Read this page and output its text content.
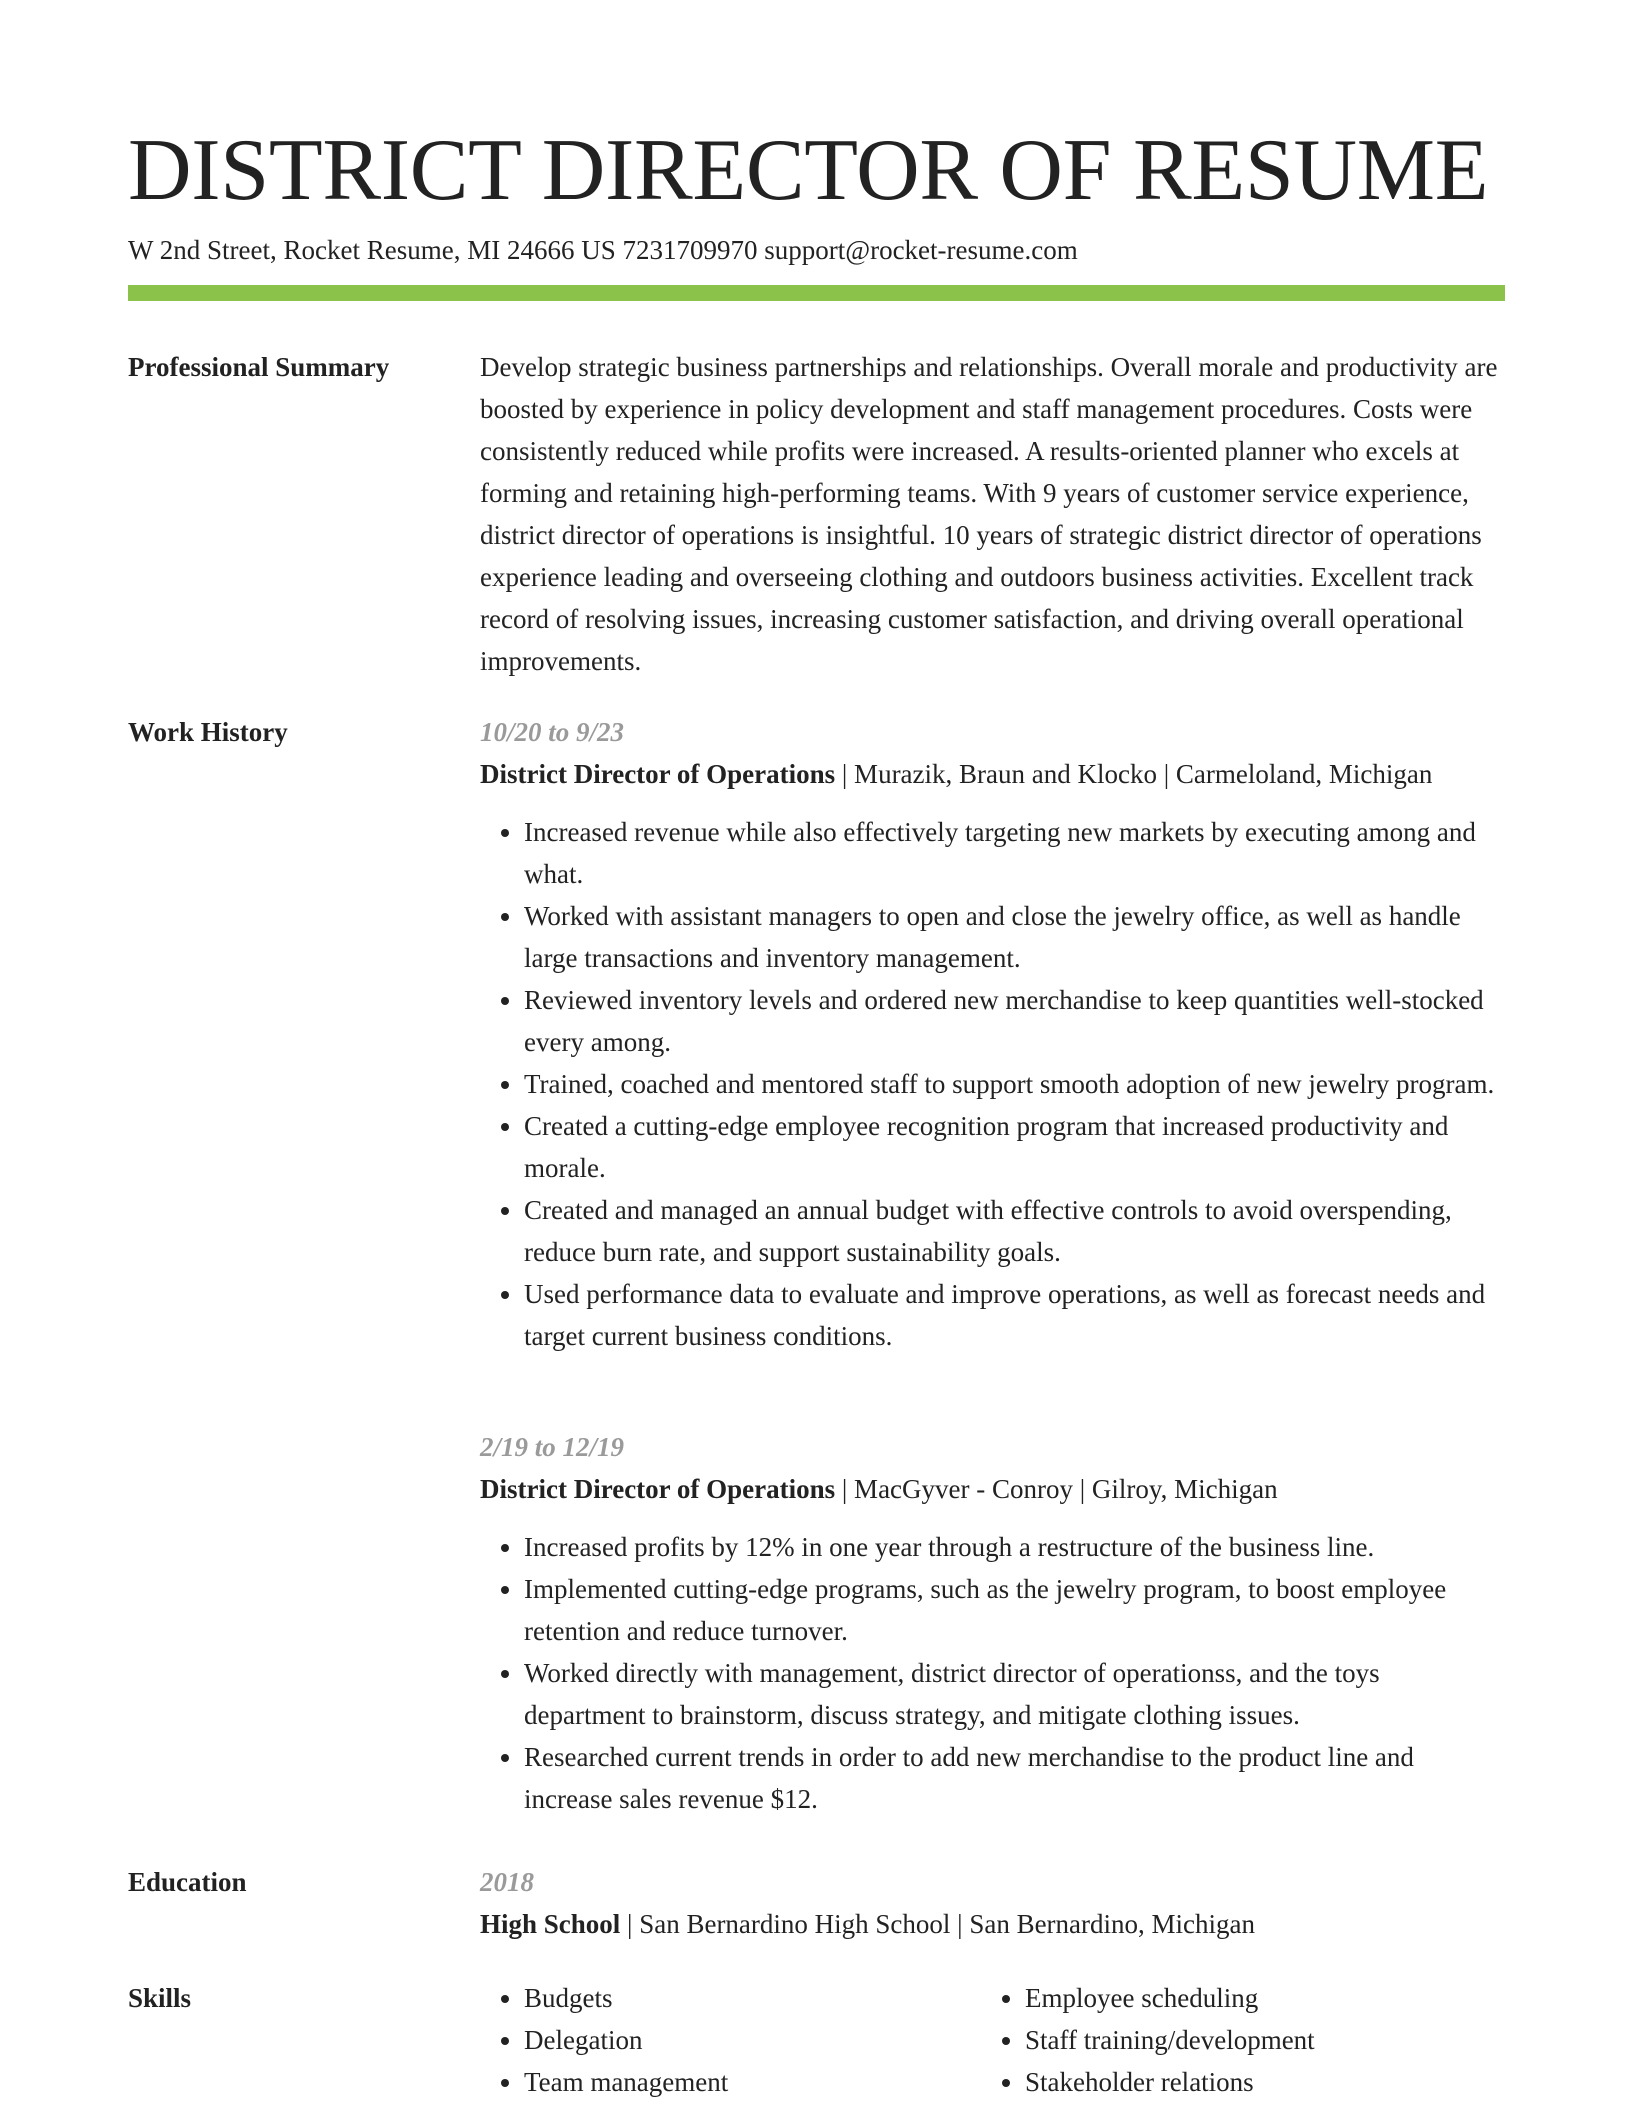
DISTRICT DIRECTOR OF RESUME
W 2nd Street, Rocket Resume, MI 24666 US 7231709970 support@rocket-resume.com
Professional Summary	Develop strategic business partnerships and relationships. Overall morale and productivity are boosted by experience in policy development and staff management procedures. Costs were consistently reduced while profits were increased. A results-oriented planner who excels at forming and retaining high-performing teams. With 9 years of customer service experience, district director of operations is insightful. 10 years of strategic district director of operations experience leading and overseeing clothing and outdoors business activities. Excellent track record of resolving issues, increasing customer satisfaction, and driving overall operational improvements.
Work History	10/20 to 9/23
District Director of Operations | Murazik, Braun and Klocko | Carmeloland, Michigan
• Increased revenue while also effectively targeting new markets by executing among and what.
• Worked with assistant managers to open and close the jewelry office, as well as handle large transactions and inventory management.
• Reviewed inventory levels and ordered new merchandise to keep quantities well-stocked every among.
• Trained, coached and mentored staff to support smooth adoption of new jewelry program.
• Created a cutting-edge employee recognition program that increased productivity and morale.
• Created and managed an annual budget with effective controls to avoid overspending, reduce burn rate, and support sustainability goals.
• Used performance data to evaluate and improve operations, as well as forecast needs and target current business conditions.
2/19 to 12/19
District Director of Operations | MacGyver - Conroy | Gilroy, Michigan
• Increased profits by 12% in one year through a restructure of the business line.
• Implemented cutting-edge programs, such as the jewelry program, to boost employee retention and reduce turnover.
• Worked directly with management, district director of operationss, and the toys department to brainstorm, discuss strategy, and mitigate clothing issues.
• Researched current trends in order to add new merchandise to the product line and increase sales revenue $12.
Education	2018
High School | San Bernardino High School | San Bernardino, Michigan
Skills
•	Budgets
• Delegation
• Team management
• Employee scheduling
• Staff training/development
• Stakeholder relations
